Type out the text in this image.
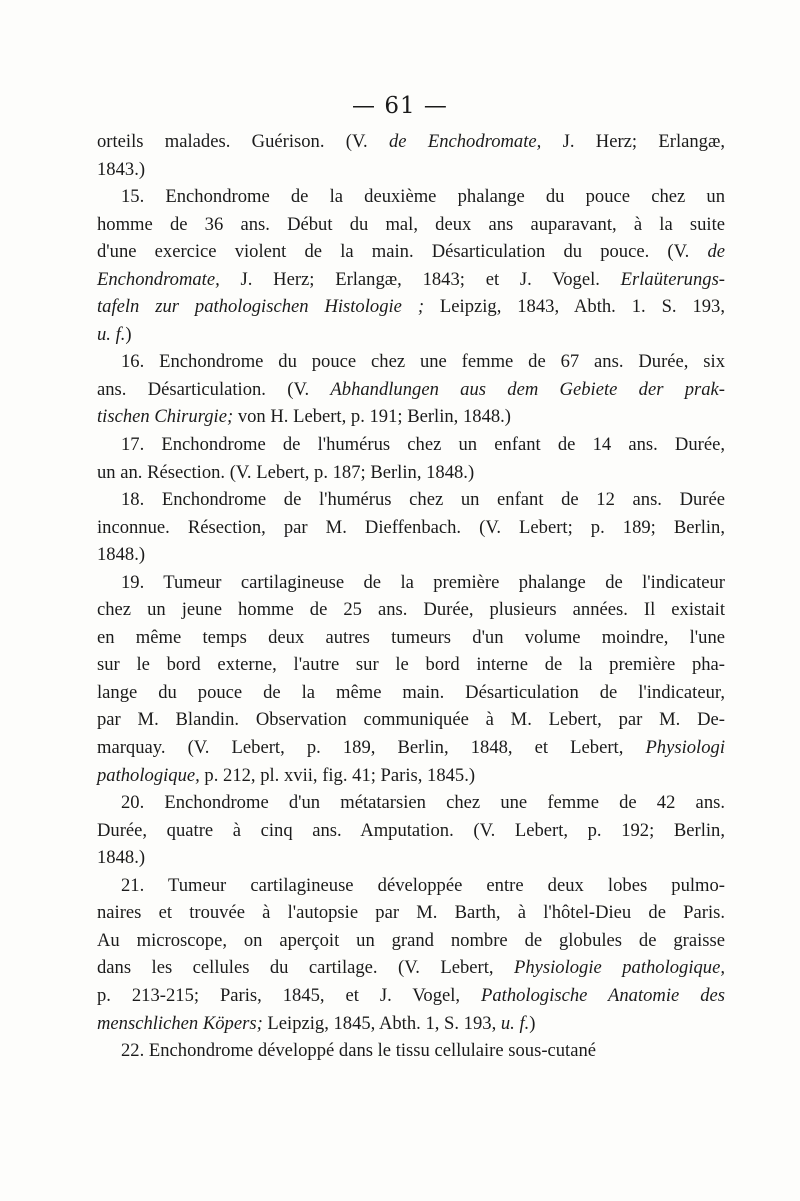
— 61 —

orteils malades. Guérison. (V. de Enchodromate, J. Herz; Erlangæ,
1843.)

15. Enchondrome de la deuxième phalange du pouce chez un
homme de 36 ans. Début du mal, deux ans auparavant, à la suite
d'une exercice violent de la main. Désarticulation du pouce. (V. de
Enchondromate, J. Herz; Erlangæ, 1843; et J. Vogel. Erlaüterungs-
tafeln zur pathologischen Histologie ; Leipzig, 1843, Abth. 1. S. 193,
u. f.)

16. Enchondrome du pouce chez une femme de 67 ans. Durée, six
ans. Désarticulation. (V. Abhandlungen aus dem Gebiete der prak-
tischen Chirurgie; von H. Lebert, p. 191; Berlin, 1848.)

17. Enchondrome de l'humérus chez un enfant de 14 ans. Durée,
un an. Résection. (V. Lebert, p. 187; Berlin, 1848.)

18. Enchondrome de l'humérus chez un enfant de 12 ans. Durée
inconnue. Résection, par M. Dieffenbach. (V. Lebert; p. 189; Berlin,
1848.)

19. Tumeur cartilagineuse de la première phalange de l'indicateur
chez un jeune homme de 25 ans. Durée, plusieurs années. Il existait
en même temps deux autres tumeurs d'un volume moindre, l'une
sur le bord externe, l'autre sur le bord interne de la première pha-
lange du pouce de la même main. Désarticulation de l'indicateur,
par M. Blandin. Observation communiquée à M. Lebert, par M. De-
marquay. (V. Lebert, p. 189, Berlin, 1848, et Lebert, Physiologi
pathologique, p. 212, pl. xvii, fig. 41; Paris, 1845.)

20. Enchondrome d'un métatarsien chez une femme de 42 ans.
Durée, quatre à cinq ans. Amputation. (V. Lebert, p. 192; Berlin,
1848.)

21. Tumeur cartilagineuse développée entre deux lobes pulmo-
naires et trouvée à l'autopsie par M. Barth, à l'hôtel-Dieu de Paris.
Au microscope, on aperçoit un grand nombre de globules de graisse
dans les cellules du cartilage. (V. Lebert, Physiologie pathologique,
p. 213-215; Paris, 1845, et J. Vogel, Pathologische Anatomie des
menschlichen Köpers; Leipzig, 1845, Abth. 1, S. 193, u. f.)

22. Enchondrome développé dans le tissu cellulaire sous-cutané
